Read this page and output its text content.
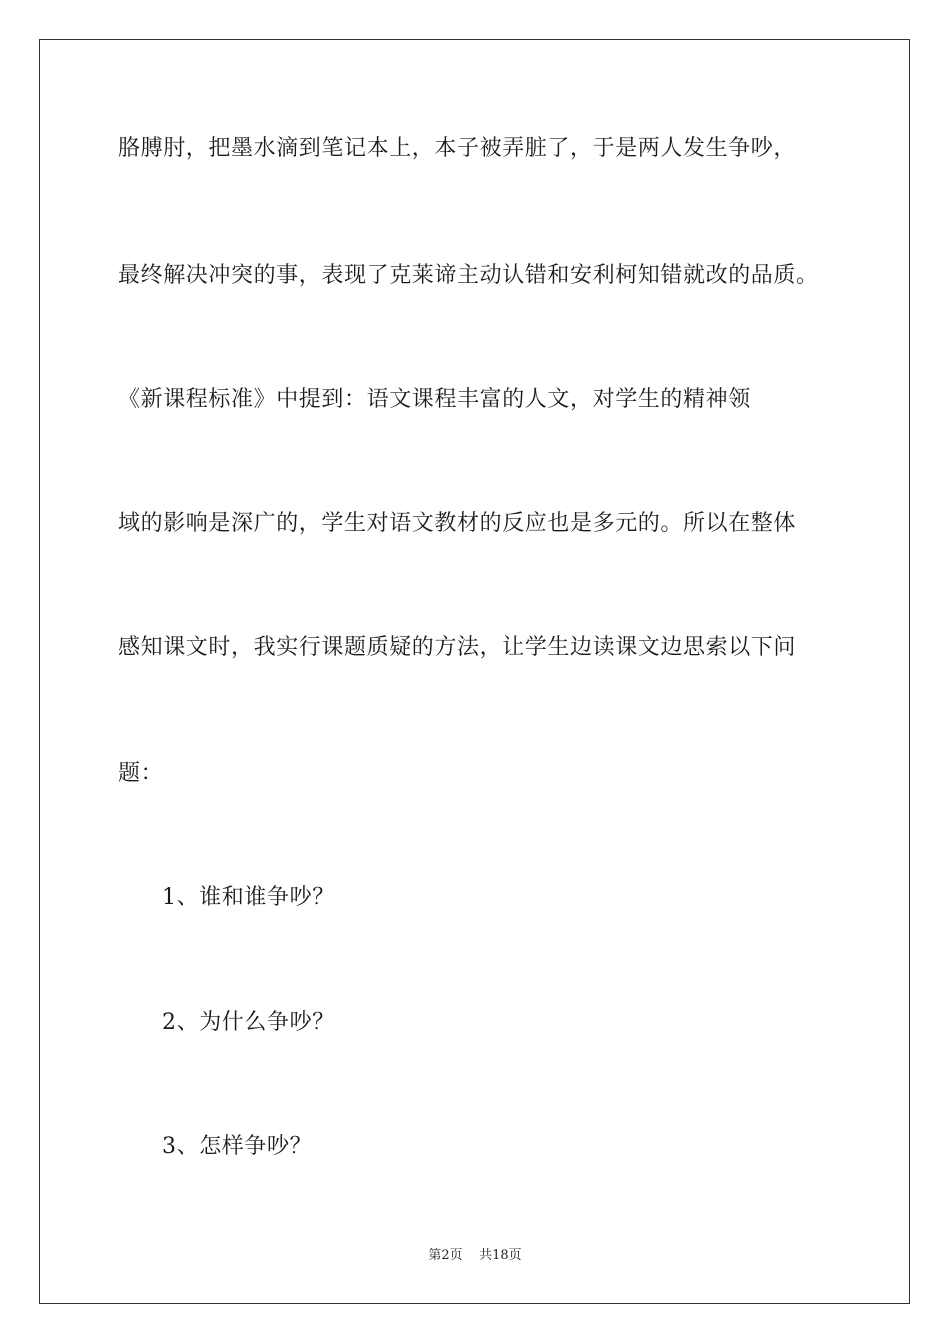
胳膊肘，把墨水滴到笔记本上，本子被弄脏了，于是两人发生争吵，
最终解决冲突的事，表现了克莱谛主动认错和安利柯知错就改的品质。
《新课程标准》中提到：语文课程丰富的人文，对学生的精神领
域的影响是深广的，学生对语文教材的反应也是多元的。所以在整体
感知课文时，我实行课题质疑的方法，让学生边读课文边思索以下问
题：
1、谁和谁争吵？
2、为什么争吵？
3、怎样争吵？
第2页    共18页
